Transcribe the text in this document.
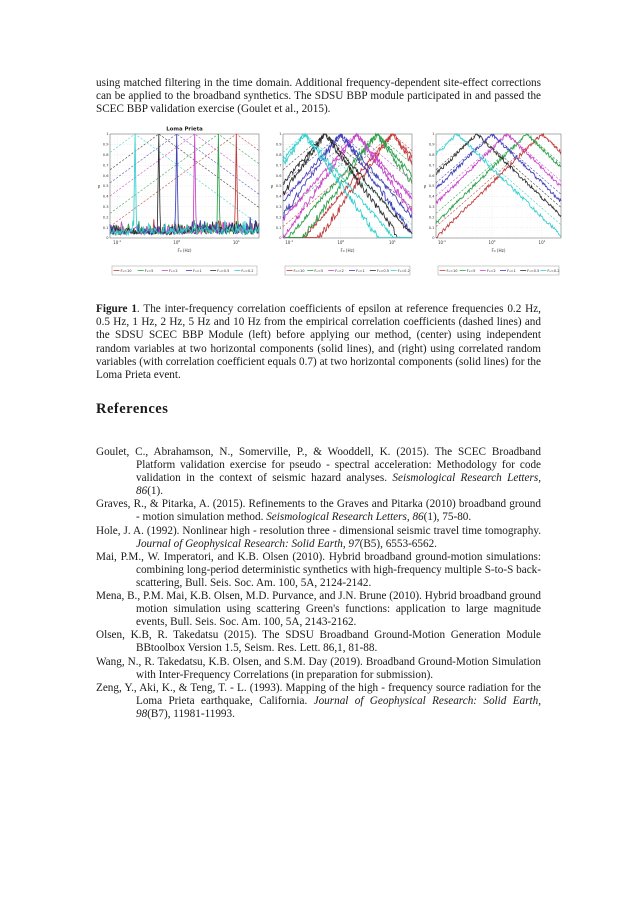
using matched filtering in the time domain. Additional frequency-dependent site-effect corrections can be applied to the broadband synthetics. The SDSU BBP module participated in and passed the SCEC BBP validation exercise (Goulet et al., 2015).

0
0.1
0.2
0.3
0.4
0.5
0.6
0.7
0.8
0.9
1
$10^{-1}$	$10^0$	$10^1$
Loma Prieta
F₀ (Hz)
ρ
F₀=10	F₀=5	F₀=2	F₀=1	F₀=0.5	F₀=0.2
0
0.1
0.2
0.3
0.4
0.5
0.6
0.7
0.8
0.9
1
$10^{-1}$	$10^0$	$10^1$
F₀ (Hz)
ρ
F₀=10	F₀=5	F₀=2	F₀=1	F₀=0.5 F₀=0.2
0
0.1
0.2
0.3
0.4
0.5
0.6
0.7
0.8
0.9
1
$10^{-1}$	$10^0$	$10^1$
F₀ (Hz)
ρ
F₀=10	F₀=5	F₀=2	F₀=1	F₀=0.5 F₀=0.2

Figure 1. The inter-frequency correlation coefficients of epsilon at reference frequencies 0.2 Hz, 0.5 Hz, 1 Hz, 2 Hz, 5 Hz and 10 Hz from the empirical correlation coefficients (dashed lines) and the SDSU SCEC BBP Module (left) before applying our method, (center) using independent random variables at two horizontal components (solid lines), and (right) using correlated random variables (with correlation coefficient equals 0.7) at two horizontal components (solid lines) for the Loma Prieta event.

References

Goulet, C., Abrahamson, N., Somerville, P., & Wooddell, K. (2015). The SCEC Broadband Platform validation exercise for pseudo - spectral acceleration: Methodology for code validation in the context of seismic hazard analyses. Seismological Research Letters, 86(1).

Graves, R., & Pitarka, A. (2015). Refinements to the Graves and Pitarka (2010) broadband ground - motion simulation method. Seismological Research Letters, 86(1), 75-80.

Hole, J. A. (1992). Nonlinear high - resolution three - dimensional seismic travel time tomography. Journal of Geophysical Research: Solid Earth, 97(B5), 6553-6562.

Mai, P.M., W. Imperatori, and K.B. Olsen (2010). Hybrid broadband ground-motion simulations: combining long-period deterministic synthetics with high-frequency multiple S-to-S back-scattering, Bull. Seis. Soc. Am. 100, 5A, 2124-2142.

Mena, B., P.M. Mai, K.B. Olsen, M.D. Purvance, and J.N. Brune (2010). Hybrid broadband ground motion simulation using scattering Green's functions: application to large magnitude events, Bull. Seis. Soc. Am. 100, 5A, 2143-2162.

Olsen, K.B, R. Takedatsu (2015). The SDSU Broadband Ground-Motion Generation Module BBtoolbox Version 1.5, Seism. Res. Lett. 86,1, 81-88.

Wang, N., R. Takedatsu, K.B. Olsen, and S.M. Day (2019). Broadband Ground-Motion Simulation with Inter-Frequency Correlations (in preparation for submission).

Zeng, Y., Aki, K., & Teng, T. - L. (1993). Mapping of the high - frequency source radiation for the Loma Prieta earthquake, California. Journal of Geophysical Research: Solid Earth, 98(B7), 11981-11993.
